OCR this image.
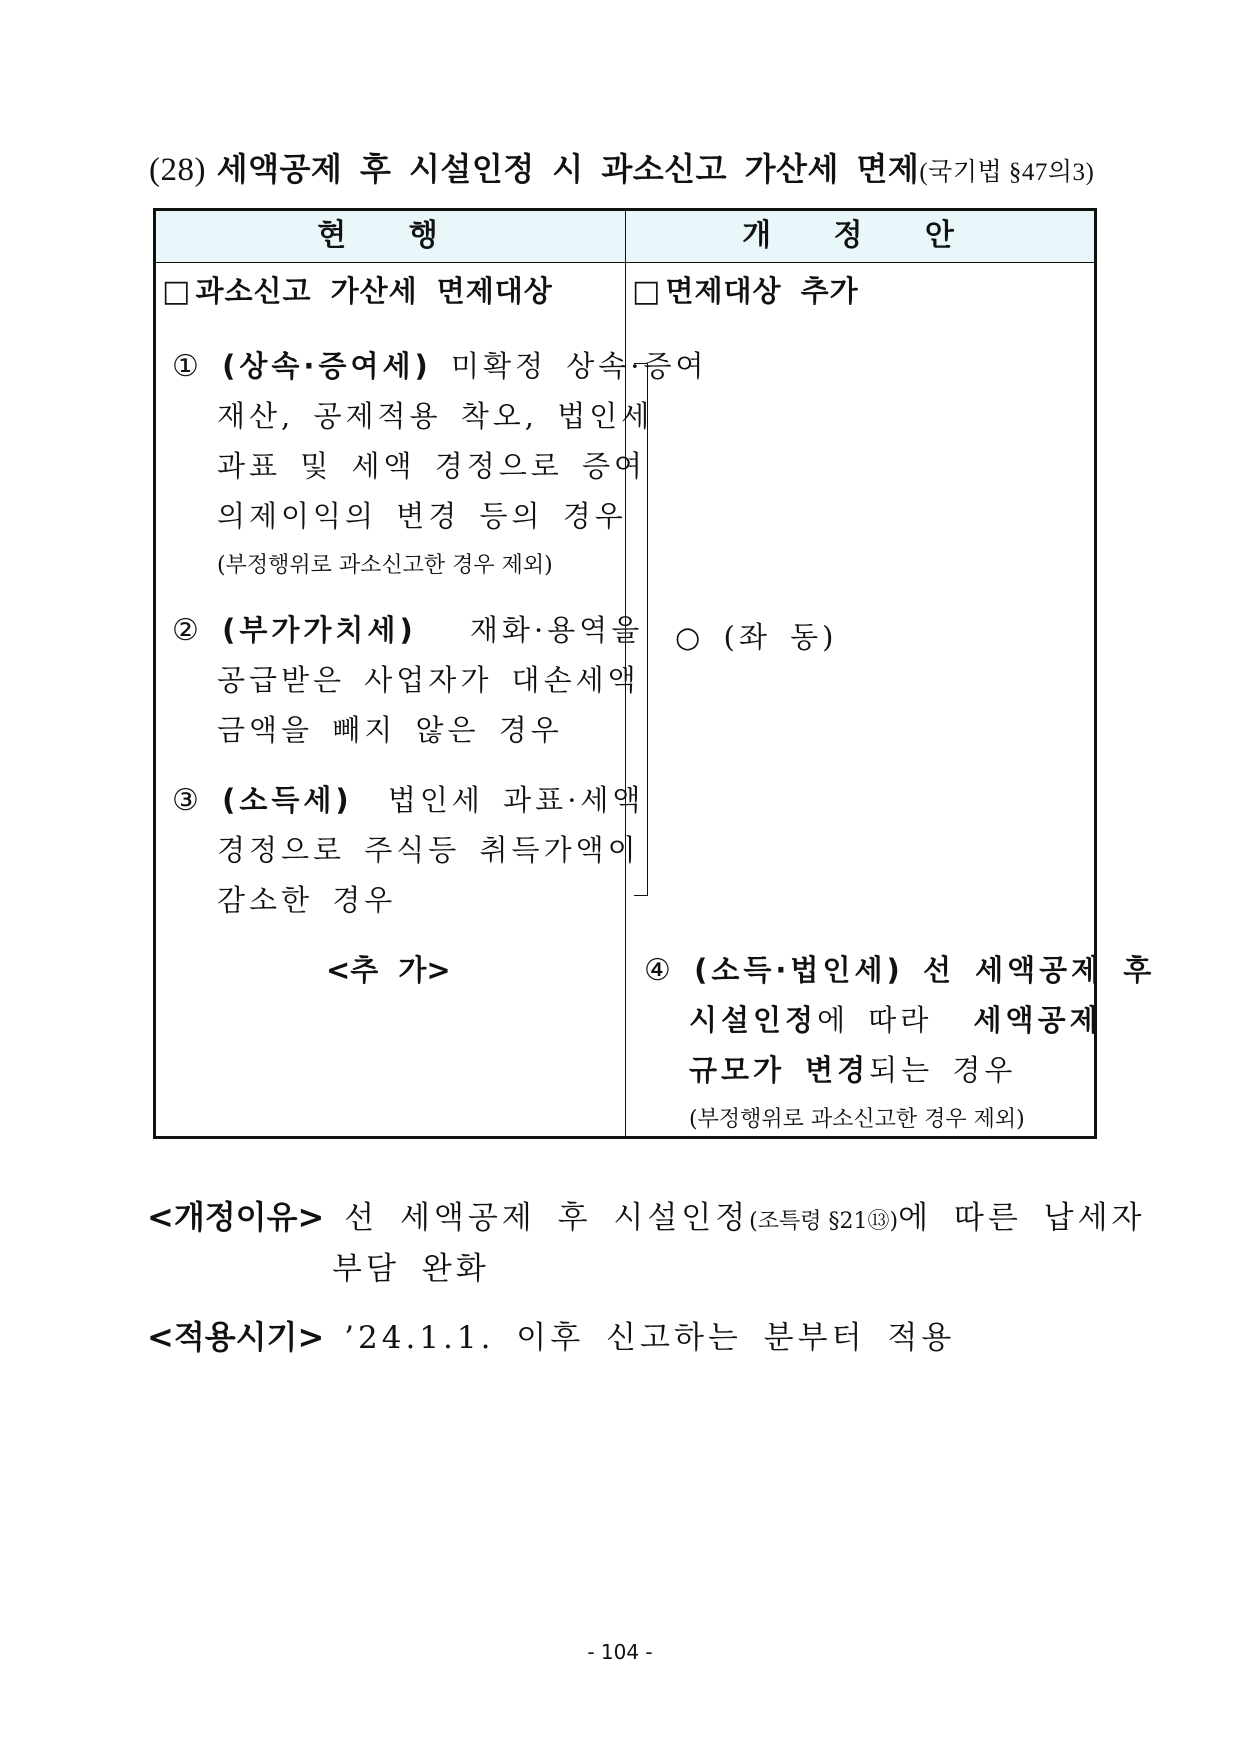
(28) 세액공제 후 시설인정 시 과소신고 가산세 면제(국기법 §47의3)
현 행	개 정 안
□ 과소신고 가산세 면제대상
① (상속·증여세) 미확정 상속·증여
재산, 공제적용 착오, 법인세
과표 및 세액 경정으로 증여
의제이익의 변경 등의 경우
(부정행위로 과소신고한 경우 제외)
② (부가가치세) 재화·용역을
공급받은 사업자가 대손세액
금액을 빼지 않은 경우
③ (소득세) 법인세 과표·세액
경정으로 주식등 취득가액이
감소한 경우
<추 가>
□ 면제대상 추가
○ (좌 동)
④ (소득·법인세) 선 세액공제 후
시설인정에 따라 세액공제
규모가 변경되는 경우
(부정행위로 과소신고한 경우 제외)
<개정이유> 선 세액공제 후 시설인정(조특령 §21⑬)에 따른 납세자
부담 완화
<적용시기> ’24.1.1. 이후 신고하는 분부터 적용
- 104 -
